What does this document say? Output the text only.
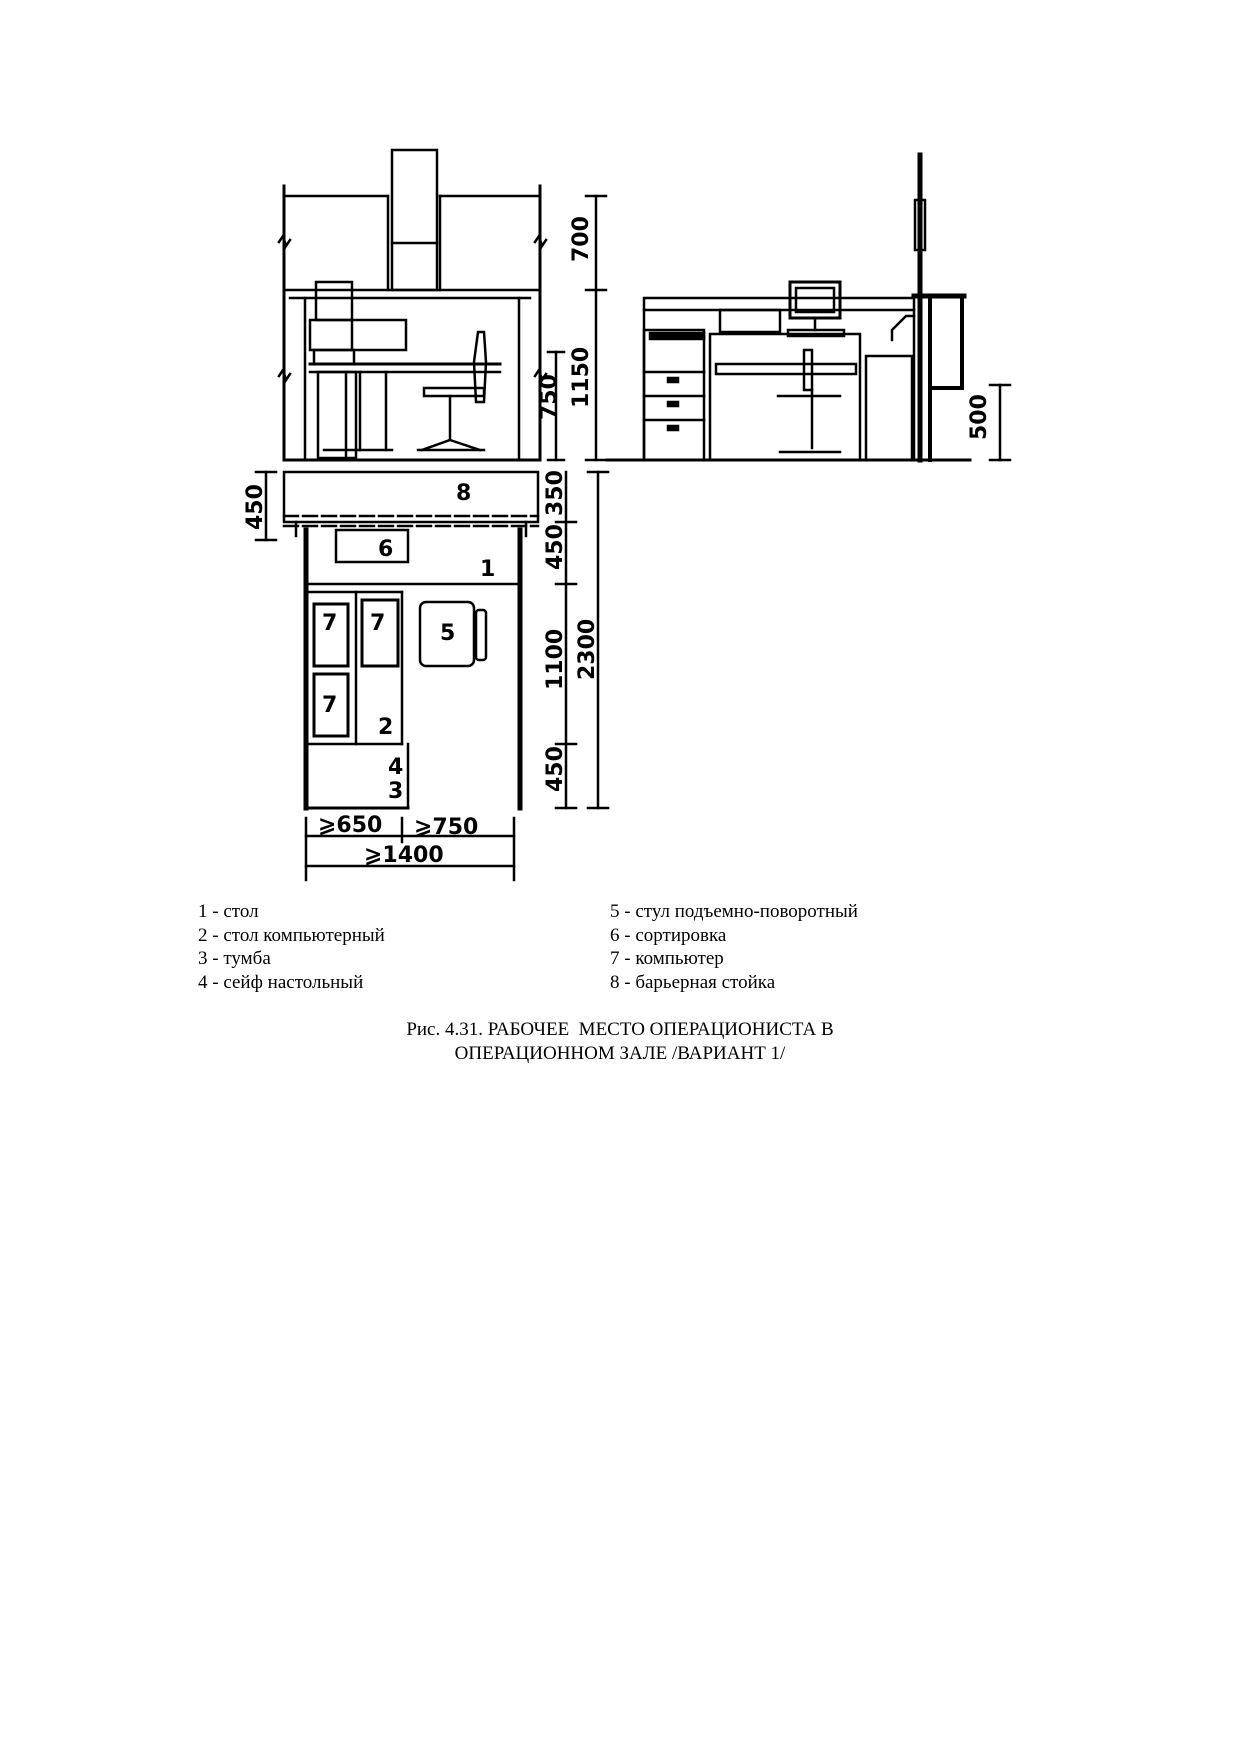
700
1150
750	500
450	350
450
1100 2300
450
⩾650 ⩾750
⩾1400
8
6
1
7 7 5
7
2
4
3
1 - стол
2 - стол компьютерный
3 - тумба
4 - сейф настольный
5 - стул подъемно-поворотный
6 - сортировка
7 - компьютер
8 - барьерная стойка
Рис. 4.31. РАБОЧЕЕ  МЕСТО ОПЕРАЦИОНИСТА В
ОПЕРАЦИОННОМ ЗАЛЕ /ВАРИАНТ 1/
